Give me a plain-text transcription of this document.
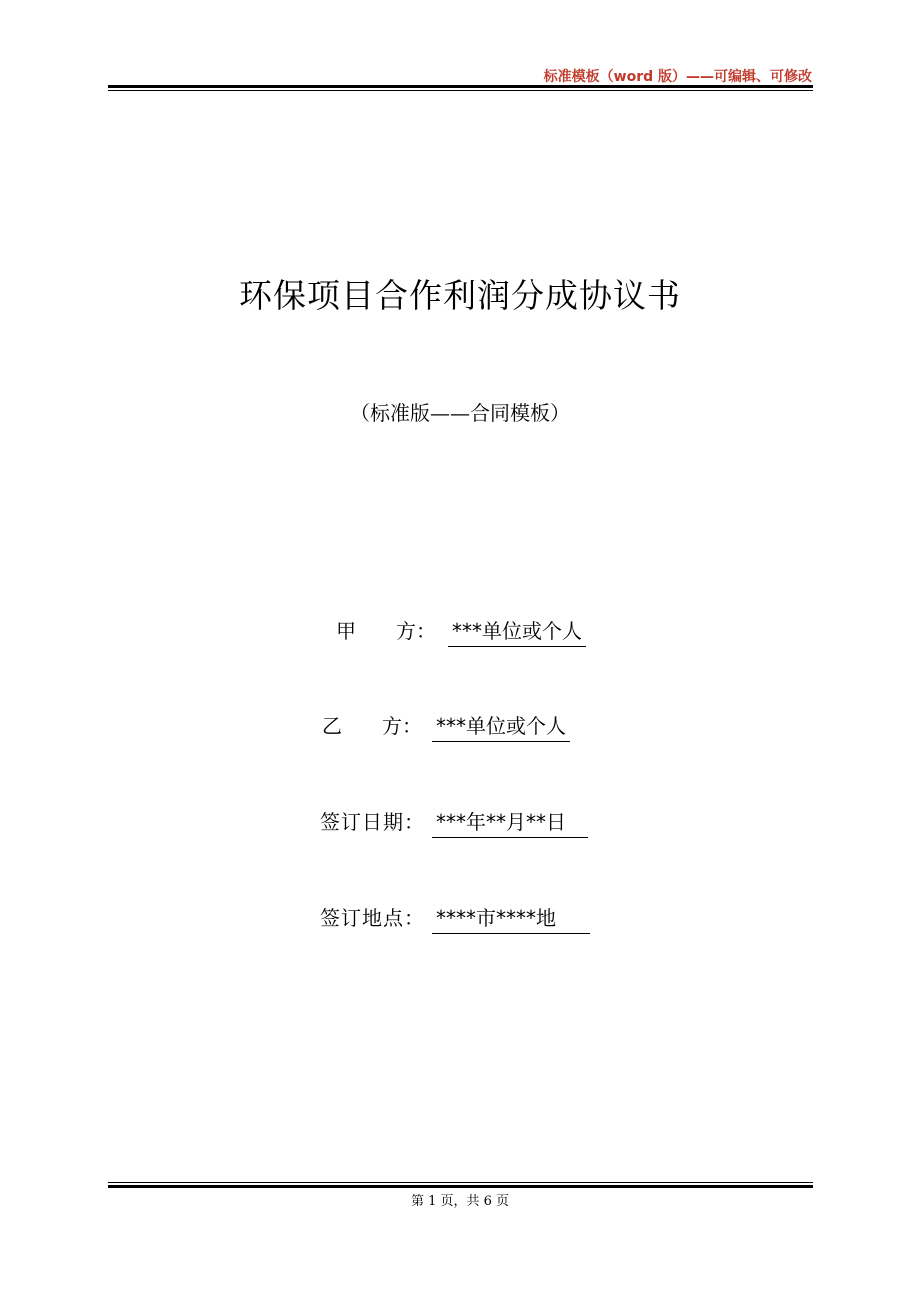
标准模板（word 版）——可编辑、可修改
环保项目合作利润分成协议书
（标准版——合同模板）
甲　　方： ***单位或个人
乙　　方： ***单位或个人
签订日期： ***年**月**日
签订地点： ****市****地
第 1 页，共 6 页
